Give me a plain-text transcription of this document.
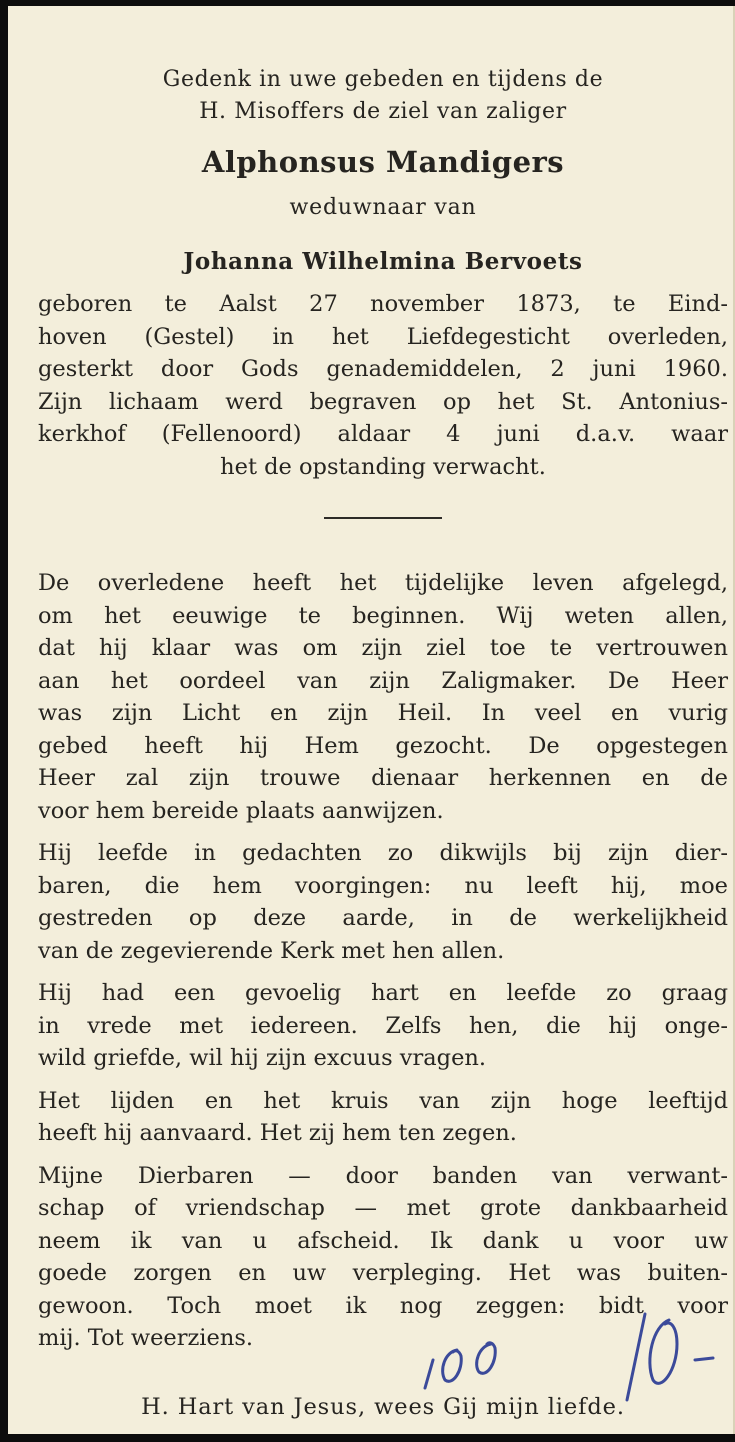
Gedenk in uwe gebeden en tijdens de

H. Misoffers de ziel van zaliger

Alphonsus Mandigers

weduwnaar van

Johanna Wilhelmina Bervoets

geboren te Aalst 27 november 1873, te Eind-
hoven (Gestel) in het Liefdegesticht overleden,
gesterkt door Gods genademiddelen, 2 juni 1960.
Zijn lichaam werd begraven op het St. Antonius-
kerkhof (Fellenoord) aldaar 4 juni d.a.v. waar
het de opstanding verwacht.

De overledene heeft het tijdelijke leven afgelegd,
om het eeuwige te beginnen. Wij weten allen,
dat hij klaar was om zijn ziel toe te vertrouwen
aan het oordeel van zijn Zaligmaker. De Heer
was zijn Licht en zijn Heil. In veel en vurig
gebed heeft hij Hem gezocht. De opgestegen
Heer zal zijn trouwe dienaar herkennen en de
voor hem bereide plaats aanwijzen.

Hij leefde in gedachten zo dikwijls bij zijn dier-
baren, die hem voorgingen: nu leeft hij, moe
gestreden op deze aarde, in de werkelijkheid
van de zegevierende Kerk met hen allen.

Hij had een gevoelig hart en leefde zo graag
in vrede met iedereen. Zelfs hen, die hij onge-
wild griefde, wil hij zijn excuus vragen.

Het lijden en het kruis van zijn hoge leeftijd
heeft hij aanvaard. Het zij hem ten zegen.

Mijne Dierbaren — door banden van verwant-
schap of vriendschap — met grote dankbaarheid
neem ik van u afscheid. Ik dank u voor uw
goede zorgen en uw verpleging. Het was buiten-
gewoon. Toch moet ik nog zeggen: bidt voor
mij. Tot weerziens.

H. Hart van Jesus, wees Gij mijn liefde.
